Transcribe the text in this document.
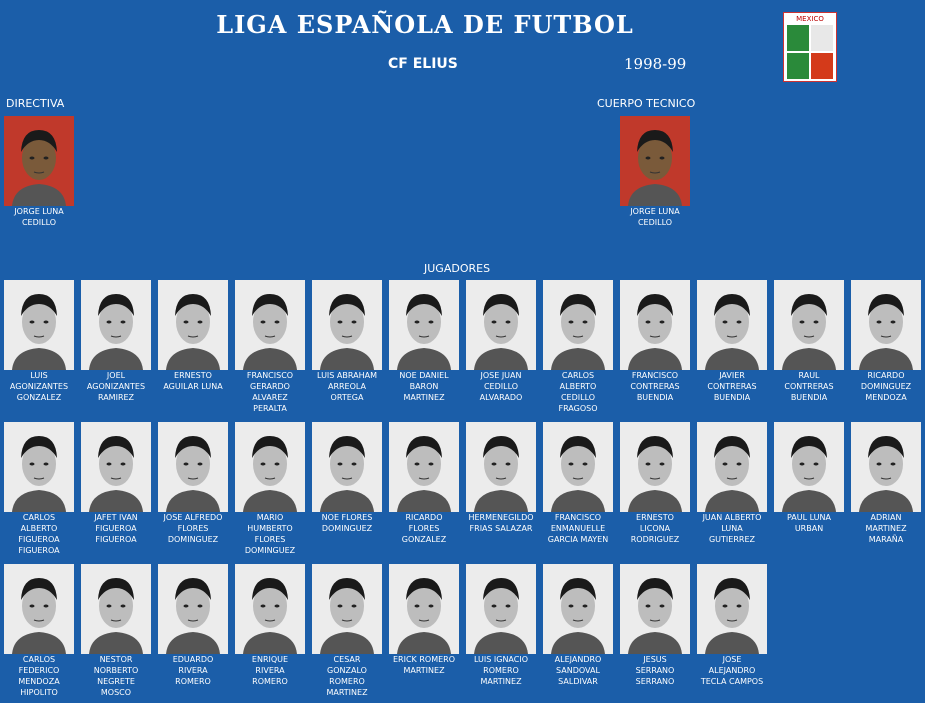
LIGA ESPAÑOLA DE FUTBOL
CF ELIUS	1998-99
MEXICO
DIRECTIVA	CUERPO TECNICO
JUGADORES
JORGE LUNA
CEDILLO
JORGE LUNA
CEDILLO
LUIS
AGONIZANTES
GONZALEZ
JOEL
AGONIZANTES
RAMIREZ
ERNESTO
AGUILAR LUNA
FRANCISCO
GERARDO
ALVAREZ
PERALTA
LUIS ABRAHAM
ARREOLA
ORTEGA
NOE DANIEL
BARON
MARTINEZ
JOSE JUAN
CEDILLO
ALVARADO
CARLOS
ALBERTO
CEDILLO
FRAGOSO
FRANCISCO
CONTRERAS
BUENDIA
JAVIER
CONTRERAS
BUENDIA
RAUL
CONTRERAS
BUENDIA
RICARDO
DOMINGUEZ
MENDOZA
CARLOS
ALBERTO
FIGUEROA
FIGUEROA
JAFET IVAN
FIGUEROA
FIGUEROA
JOSE ALFREDO
FLORES
DOMINGUEZ
MARIO
HUMBERTO
FLORES
DOMINGUEZ
NOE FLORES
DOMINGUEZ
RICARDO
FLORES
GONZALEZ
HERMENEGILDO
FRIAS SALAZAR
FRANCISCO
ENMANUELLE
GARCIA MAYEN
ERNESTO
LICONA
RODRIGUEZ
JUAN ALBERTO
LUNA
GUTIERREZ
PAUL LUNA
URBAN
ADRIAN
MARTINEZ
MARAÑA
CARLOS
FEDERICO
MENDOZA
HIPOLITO
NESTOR
NORBERTO
NEGRETE
MOSCO
EDUARDO
RIVERA
ROMERO
ENRIQUE
RIVERA
ROMERO
CESAR
GONZALO
ROMERO
MARTINEZ
ERICK ROMERO
MARTINEZ
LUIS IGNACIO
ROMERO
MARTINEZ
ALEJANDRO
SANDOVAL
SALDIVAR
JESUS
SERRANO
SERRANO
JOSE
ALEJANDRO
TECLA CAMPOS
